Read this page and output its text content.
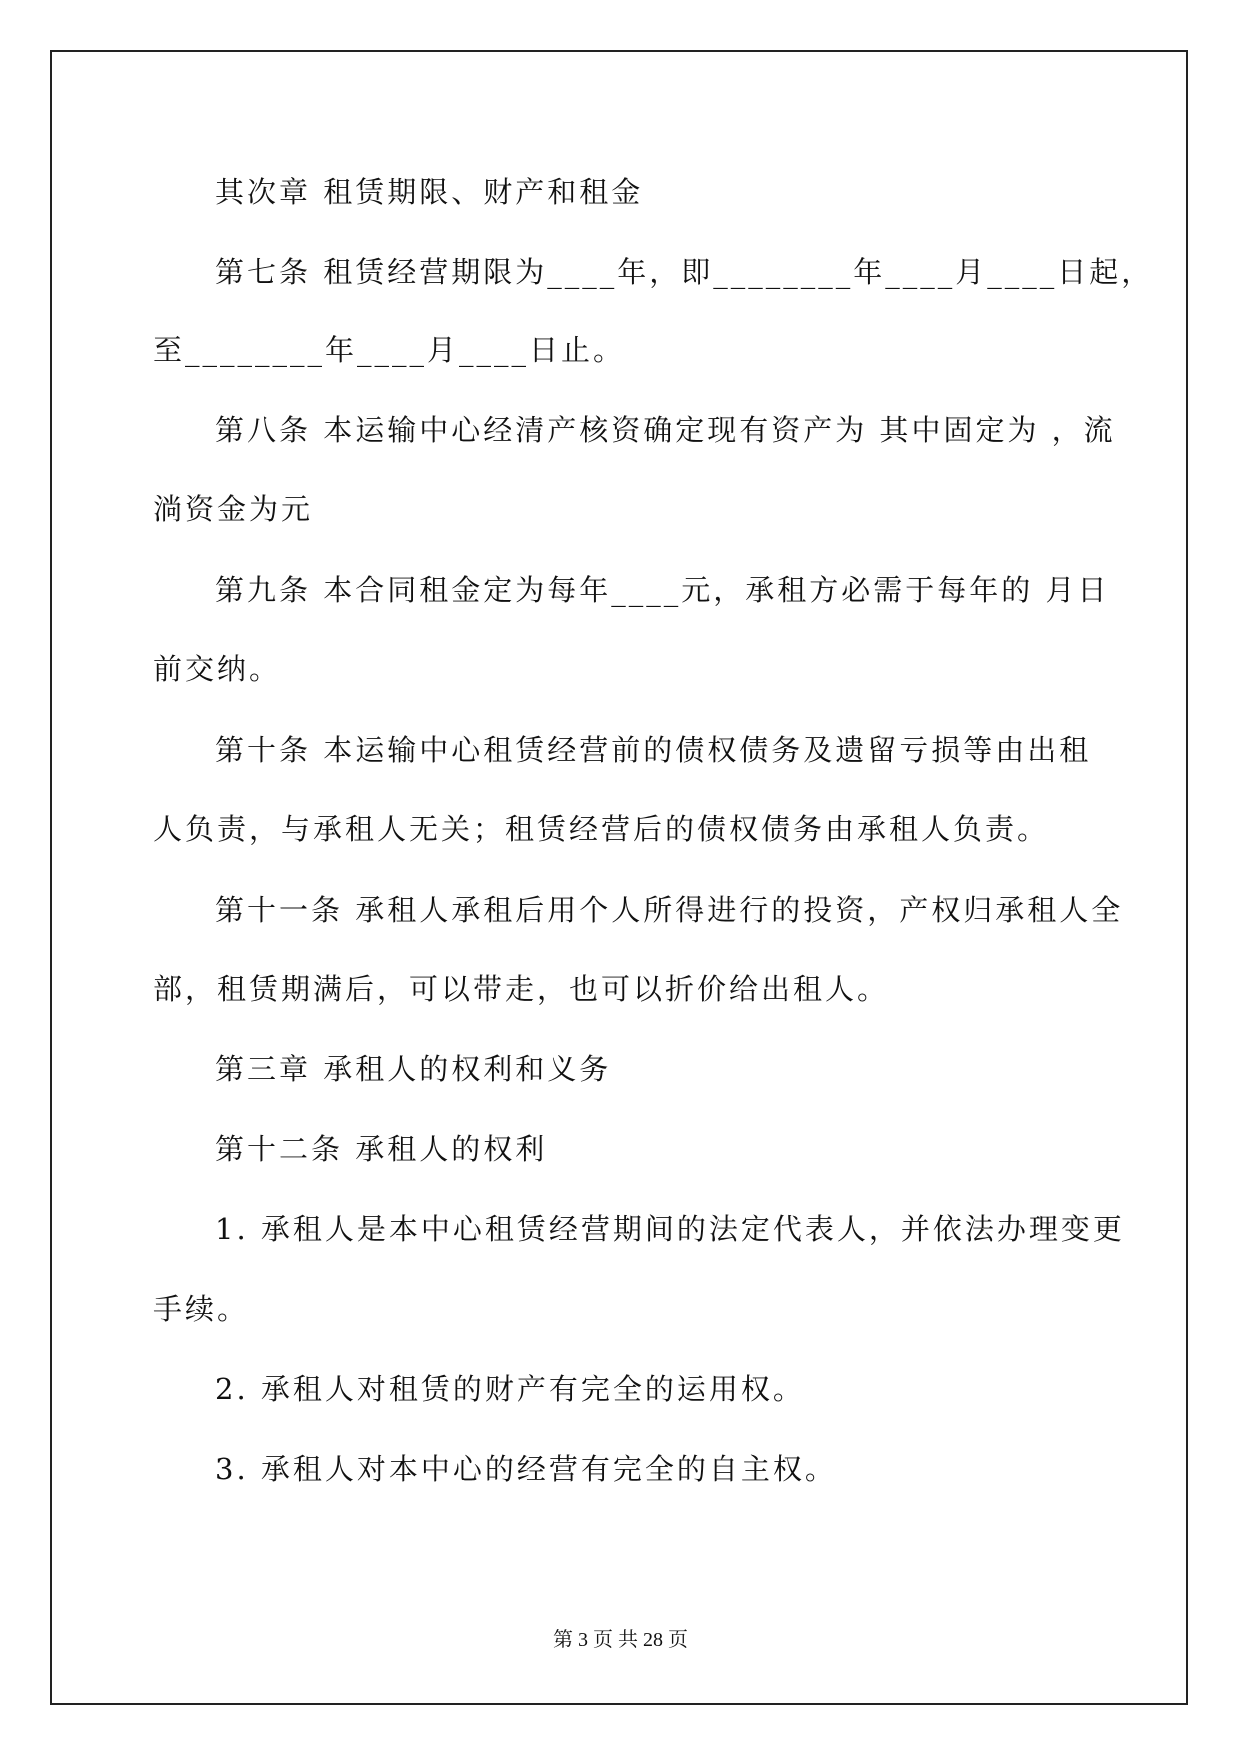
其次章 租赁期限、财产和租金
第七条 租赁经营期限为____年，即________年____月____日起，
至________年____月____日止。
第八条 本运输中心经清产核资确定现有资产为 其中固定为 ，流
淌资金为元
第九条 本合同租金定为每年____元，承租方必需于每年的 月日
前交纳。
第十条 本运输中心租赁经营前的债权债务及遗留亏损等由出租
人负责，与承租人无关；租赁经营后的债权债务由承租人负责。
第十一条 承租人承租后用个人所得进行的投资，产权归承租人全
部，租赁期满后，可以带走，也可以折价给出租人。
第三章 承租人的权利和义务
第十二条 承租人的权利
1. 承租人是本中心租赁经营期间的法定代表人，并依法办理变更
手续。
2. 承租人对租赁的财产有完全的运用权。
3. 承租人对本中心的经营有完全的自主权。
第 3 页 共 28 页
